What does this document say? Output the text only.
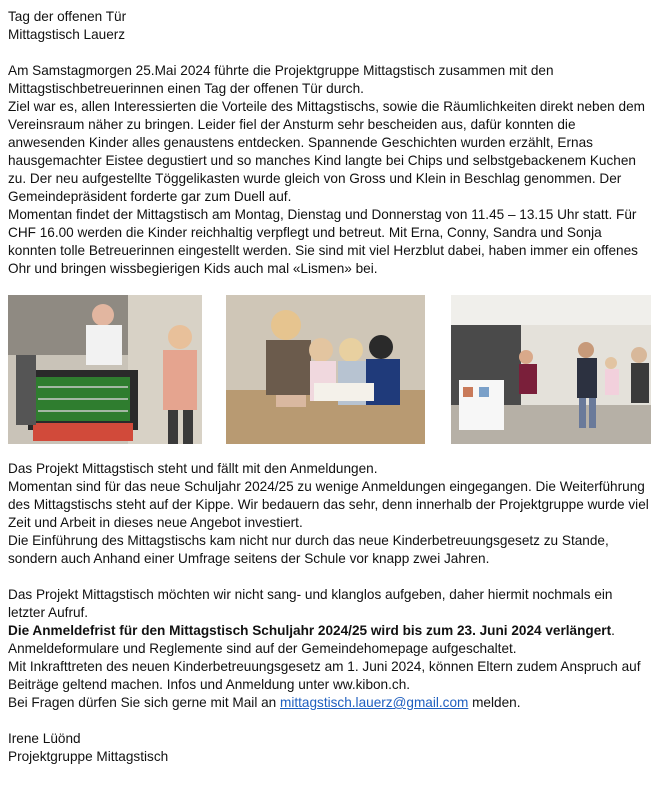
Tag der offenen Tür

Mittagstisch Lauerz

Am Samstagmorgen 25.Mai 2024 führte die Projektgruppe Mittagstisch zusammen mit den Mittagstischbetreuerinnen einen Tag der offenen Tür durch.

Ziel war es, allen Interessierten die Vorteile des Mittagstischs, sowie die Räumlichkeiten direkt neben dem Vereinsraum näher zu bringen. Leider fiel der Ansturm sehr bescheiden aus, dafür konnten die anwesenden Kinder alles genaustens entdecken. Spannende Geschichten wurden erzählt, Ernas hausgemachter Eistee degustiert und so manches Kind langte bei Chips und selbstgebackenem Kuchen zu. Der neu aufgestellte Töggelikasten wurde gleich von Gross und Klein in Beschlag genommen. Der Gemeindepräsident forderte gar zum Duell auf.

Momentan findet der Mittagstisch am Montag, Dienstag und Donnerstag von 11.45 – 13.15 Uhr statt. Für CHF 16.00 werden die Kinder reichhaltig verpflegt und betreut. Mit Erna, Conny, Sandra und Sonja konnten tolle Betreuerinnen eingestellt werden. Sie sind mit viel Herzblut dabei, haben immer ein offenes Ohr und bringen wissbegierigen Kids auch mal «Lismen» bei.

Das Projekt Mittagstisch steht und fällt mit den Anmeldungen.

Momentan sind für das neue Schuljahr 2024/25 zu wenige Anmeldungen eingegangen. Die Weiterführung des Mittagstischs steht auf der Kippe. Wir bedauern das sehr, denn innerhalb der Projektgruppe wurde viel Zeit und Arbeit in dieses neue Angebot investiert.

Die Einführung des Mittagstischs kam nicht nur durch das neue Kinderbetreuungsgesetz zu Stande, sondern auch Anhand einer Umfrage seitens der Schule vor knapp zwei Jahren.

Das Projekt Mittagstisch möchten wir nicht sang- und klanglos aufgeben, daher hiermit nochmals ein letzter Aufruf.

Die Anmeldefrist für den Mittagstisch Schuljahr 2024/25 wird bis zum 23. Juni 2024 verlängert.

Anmeldeformulare und Reglemente sind auf der Gemeindehomepage aufgeschaltet.

Mit Inkrafttreten des neuen Kinderbetreuungsgesetz am 1. Juni 2024, können Eltern zudem Anspruch auf Beiträge geltend machen. Infos und Anmeldung unter ww.kibon.ch.

Bei Fragen dürfen Sie sich gerne mit Mail an mittagstisch.lauerz@gmail.com melden.

Irene Lüönd

Projektgruppe Mittagstisch
